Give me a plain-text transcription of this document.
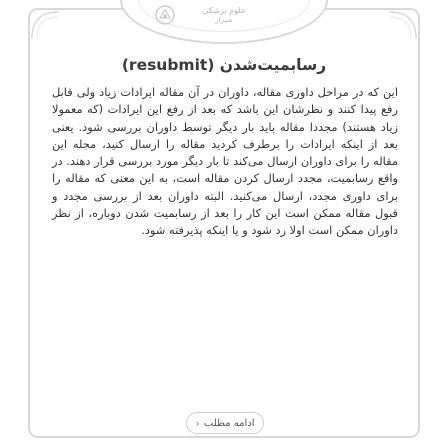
علوم پزشکی
شیراز
رسابمیت‌شدن (resubmit)
این که در مراحل داوری مقاله، داوران در آن مقاله ایرادات زیاد ولی قابل رفع پیدا کنند و نظرشان این باشد که بعد از رفع این ایرادات (که معمولا زیاد هستند) مجددا مقاله باید بار دیگر توسط داوران بررسی شود. یعنی بعد از اینکه ایرادات را برطرف کردید مقاله را ارسال کنید، مجله این مقاله را برای داوران ارسال می‌کند تا بار دیگر مورد بررسی قرار دهند. در واقع رسابمیت، مجدد ارسال کردن مقاله است، به این معنی که مقاله را برای داوری مجدد، ارسال می‌کنید. البته داوران بعد از بررسی مجدد و قبول مقاله ممکن است این کار را بعد از رسابمیت شدن دوباره، از نظر داوران ممکن است اولا رد شود و یا اینکه پذیرفته شود.
ادامه مطلب
‹
